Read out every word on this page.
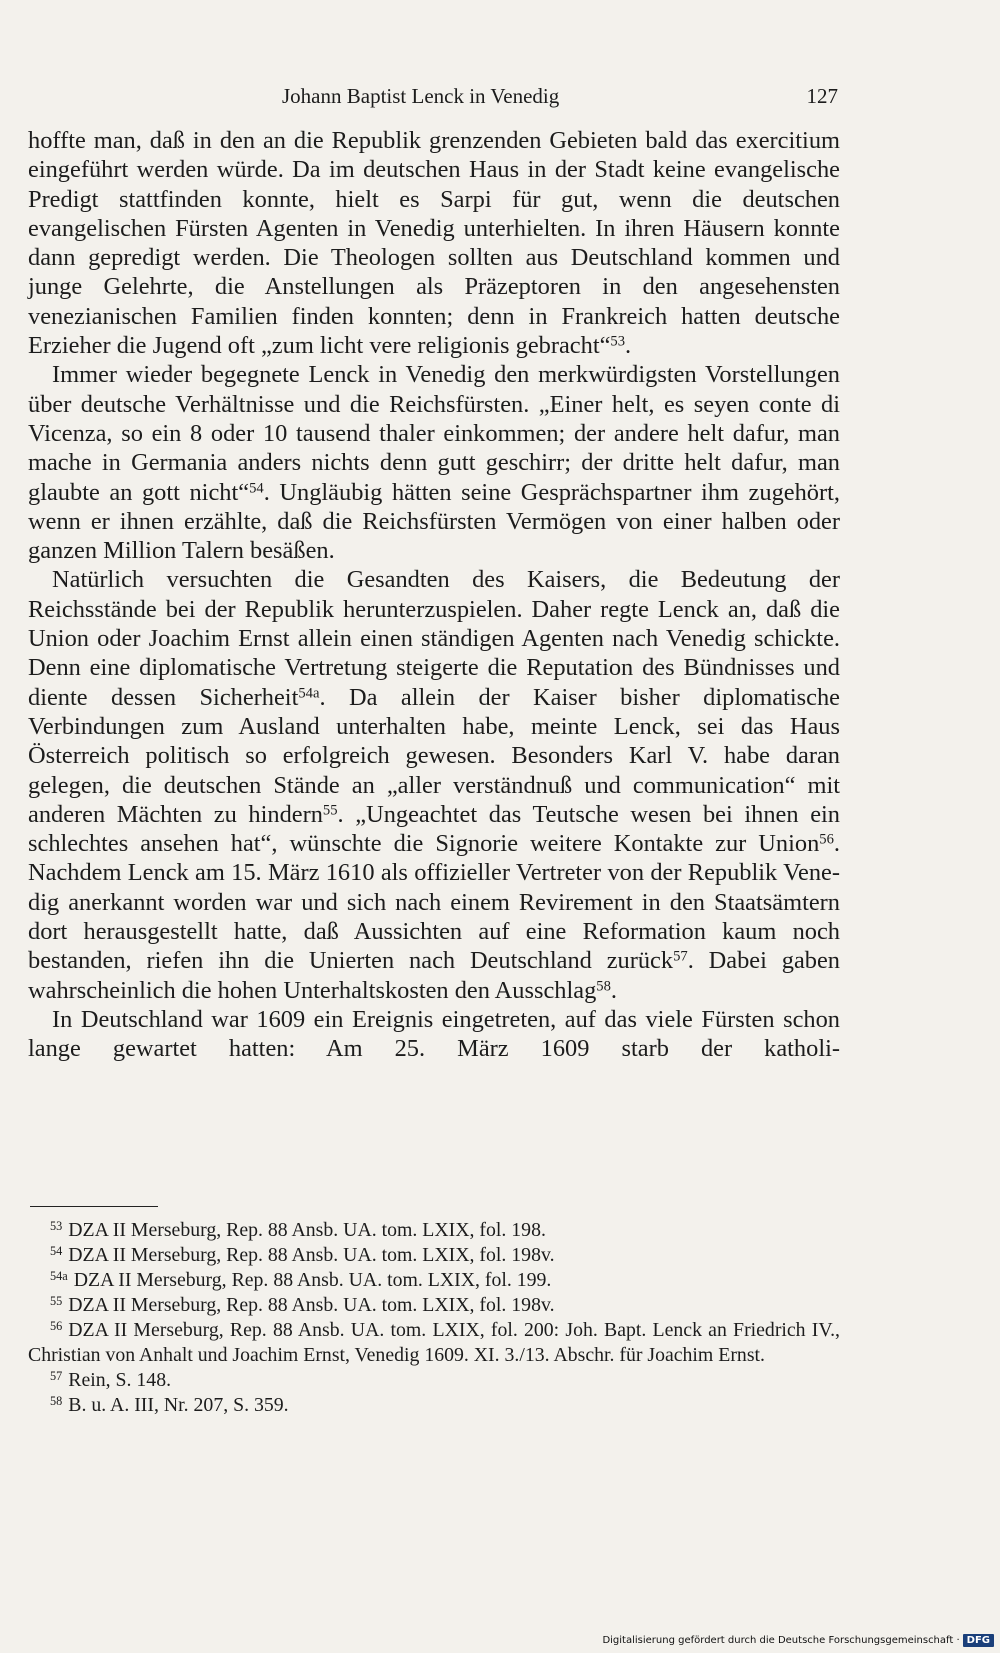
Johann Baptist Lenck in Venedig	127

hoffte man, daß in den an die Republik grenzenden Gebieten bald das exercitium eingeführt werden würde. Da im deutschen Haus in der Stadt keine evangelische Predigt stattfinden konnte, hielt es Sarpi für gut, wenn die deutschen evangelischen Fürsten Agenten in Venedig unterhielten. In ihren Häusern konnte dann gepredigt werden. Die Theologen sollten aus Deutschland kommen und junge Gelehrte, die Anstellungen als Präzeptoren in den angesehensten venezianischen Familien finden konnten; denn in Frankreich hatten deutsche Erzieher die Jugend oft „zum licht vere religionis gebracht“$^{53}$.

Immer wieder begegnete Lenck in Venedig den merkwürdigsten Vorstellungen über deutsche Verhältnisse und die Reichsfürsten. „Einer helt, es seyen conte di Vicenza, so ein 8 oder 10 tausend thaler einkommen; der andere helt dafur, man mache in Germania anders nichts denn gutt geschirr; der dritte helt dafur, man glaubte an gott nicht“$^{54}$. Ungläubig hätten seine Gesprächspartner ihm zugehört, wenn er ihnen erzählte, daß die Reichsfürsten Vermögen von einer halben oder ganzen Million Talern besäßen.

Natürlich versuchten die Gesandten des Kaisers, die Bedeutung der Reichsstände bei der Republik herunterzuspielen. Daher regte Lenck an, daß die Union oder Joachim Ernst allein einen ständigen Agenten nach Venedig schickte. Denn eine diplomatische Vertretung steigerte die Reputation des Bündnisses und diente dessen Sicherheit$^{54a}$. Da allein der Kaiser bisher diplomatische Verbindungen zum Ausland unterhalten habe, meinte Lenck, sei das Haus Österreich politisch so erfolgreich gewesen. Besonders Karl V. habe daran gelegen, die deutschen Stände an „aller verständnuß und communication“ mit anderen Mächten zu hindern$^{55}$. „Ungeachtet das Teutsche wesen bei ihnen ein schlechtes ansehen hat“, wünschte die Signorie weitere Kontakte zur Union$^{56}$. Nachdem Lenck am 15. März 1610 als offizieller Vertreter von der Republik Venedig anerkannt worden war und sich nach einem Revirement in den Staatsämtern dort herausgestellt hatte, daß Aussichten auf eine Reformation kaum noch bestanden, riefen ihn die Unierten nach Deutschland zurück$^{57}$. Dabei gaben wahrscheinlich die hohen Unterhaltskosten den Ausschlag$^{58}$.

In Deutschland war 1609 ein Ereignis eingetreten, auf das viele Fürsten schon lange gewartet hatten: Am 25. März 1609 starb der katholi-

$^{53}$ DZA II Merseburg, Rep. 88 Ansb. UA. tom. LXIX, fol. 198.

$^{54}$ DZA II Merseburg, Rep. 88 Ansb. UA. tom. LXIX, fol. 198v.

$^{54a}$ DZA II Merseburg, Rep. 88 Ansb. UA. tom. LXIX, fol. 199.

$^{55}$ DZA II Merseburg, Rep. 88 Ansb. UA. tom. LXIX, fol. 198v.

$^{56}$ DZA II Merseburg, Rep. 88 Ansb. UA. tom. LXIX, fol. 200: Joh. Bapt. Lenck an Friedrich IV., Christian von Anhalt und Joachim Ernst, Venedig 1609. XI. 3./13. Abschr. für Joachim Ernst.

$^{57}$ Rein, S. 148.

$^{58}$ B. u. A. III, Nr. 207, S. 359.

Digitalisierung gefördert durch die Deutsche Forschungsgemeinschaft · DFG
